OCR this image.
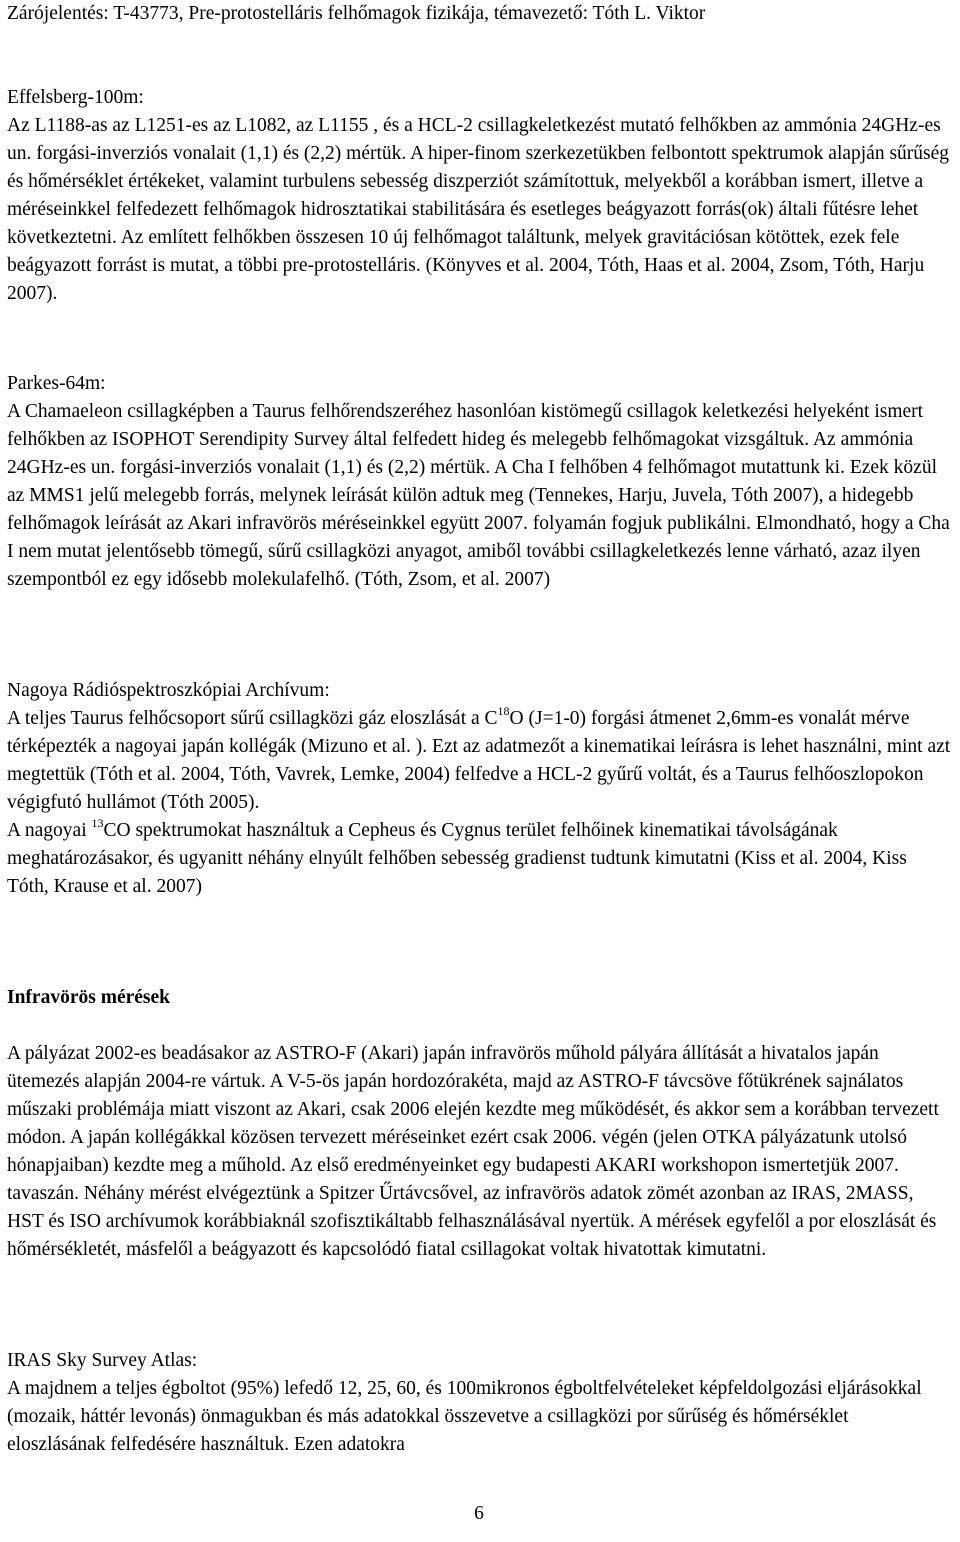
Zárójelentés: T-43773, Pre-protostelláris felhőmagok fizikája, témavezető: Tóth L. Viktor
Effelsberg-100m:
Az L1188-as az L1251-es az L1082, az L1155 , és a HCL-2 csillagkeletkezést mutató felhőkben az ammónia 24GHz-es un. forgási-inverziós vonalait (1,1) és (2,2) mértük. A hiper-finom szerkezetükben felbontott spektrumok alapján sűrűség és hőmérséklet értékeket, valamint turbulens sebesség diszperziót számítottuk, melyekből a korábban ismert, illetve a méréseinkkel felfedezett felhőmagok hidrosztatikai stabilitására és esetleges beágyazott forrás(ok) általi fűtésre lehet következtetni. Az említett felhőkben összesen 10 új felhőmagot találtunk, melyek gravitációsan kötöttek, ezek fele beágyazott forrást is mutat, a többi pre-protostelláris. (Könyves et al. 2004, Tóth, Haas et al. 2004, Zsom, Tóth, Harju 2007).
Parkes-64m:
A Chamaeleon csillagképben a Taurus felhőrendszeréhez hasonlóan kistömegű csillagok keletkezési helyeként ismert felhőkben az ISOPHOT Serendipity Survey által felfedett hideg és melegebb felhőmagokat vizsgáltuk. Az ammónia 24GHz-es un. forgási-inverziós vonalait (1,1) és (2,2) mértük. A Cha I felhőben 4 felhőmagot mutattunk ki. Ezek közül az MMS1 jelű melegebb forrás, melynek leírását külön adtuk meg (Tennekes, Harju, Juvela, Tóth 2007), a hidegebb felhőmagok leírását az Akari infravörös méréseinkkel együtt 2007. folyamán fogjuk publikálni. Elmondható, hogy a Cha I nem mutat jelentősebb tömegű, sűrű csillagközi anyagot, amiből további csillagkeletkezés lenne várható, azaz ilyen szempontból ez egy idősebb molekulafelhő. (Tóth, Zsom, et al. 2007)
Nagoya Rádióspektroszkópiai Archívum:
A teljes Taurus felhőcsoport sűrű csillagközi gáz eloszlását a $C^{18}O$ (J=1-0) forgási átmenet 2,6mm-es vonalát mérve térképezték a nagoyai japán kollégák (Mizuno et al. ). Ezt az adatmezőt a kinematikai leírásra is lehet használni, mint azt megtettük (Tóth et al. 2004, Tóth, Vavrek, Lemke, 2004) felfedve a HCL-2 gyűrű voltát, és a Taurus felhőoszlopokon végigfutó hullámot (Tóth 2005).
A nagoyai $^{13}$CO spektrumokat használtuk a Cepheus és Cygnus terület felhőinek kinematikai távolságának meghatározásakor, és ugyanitt néhány elnyúlt felhőben sebesség gradienst tudtunk kimutatni (Kiss et al. 2004, Kiss Tóth, Krause et al. 2007)
Infravörös mérések
A pályázat 2002-es beadásakor az ASTRO-F (Akari) japán infravörös műhold pályára állítását a hivatalos japán ütemezés alapján 2004-re vártuk. A V-5-ös japán hordozórakéta, majd az ASTRO-F távcsöve főtükrének sajnálatos műszaki problémája miatt viszont az Akari, csak 2006 elején kezdte meg működését, és akkor sem a korábban tervezett módon. A japán kollégákkal közösen tervezett méréseinket ezért csak 2006. végén (jelen OTKA pályázatunk utolsó hónapjaiban) kezdte meg a műhold. Az első eredményeinket egy budapesti AKARI workshopon ismertetjük 2007. tavaszán. Néhány mérést elvégeztünk a Spitzer Űrtávcsővel, az infravörös adatok zömét azonban az IRAS, 2MASS, HST és ISO archívumok korábbiaknál szofisztikáltabb felhasználásával nyertük. A mérések egyfelől a por eloszlását és hőmérsékletét, másfelől a beágyazott és kapcsolódó fiatal csillagokat voltak hivatottak kimutatni.
IRAS Sky Survey Atlas:
A majdnem a teljes égboltot (95%) lefedő 12, 25, 60, és 100mikronos égboltfelvételeket képfeldolgozási eljárásokkal (mozaik, háttér levonás) önmagukban és más adatokkal összevetve a csillagközi por sűrűség és hőmérséklet eloszlásának felfedésére használtuk. Ezen adatokra
6
